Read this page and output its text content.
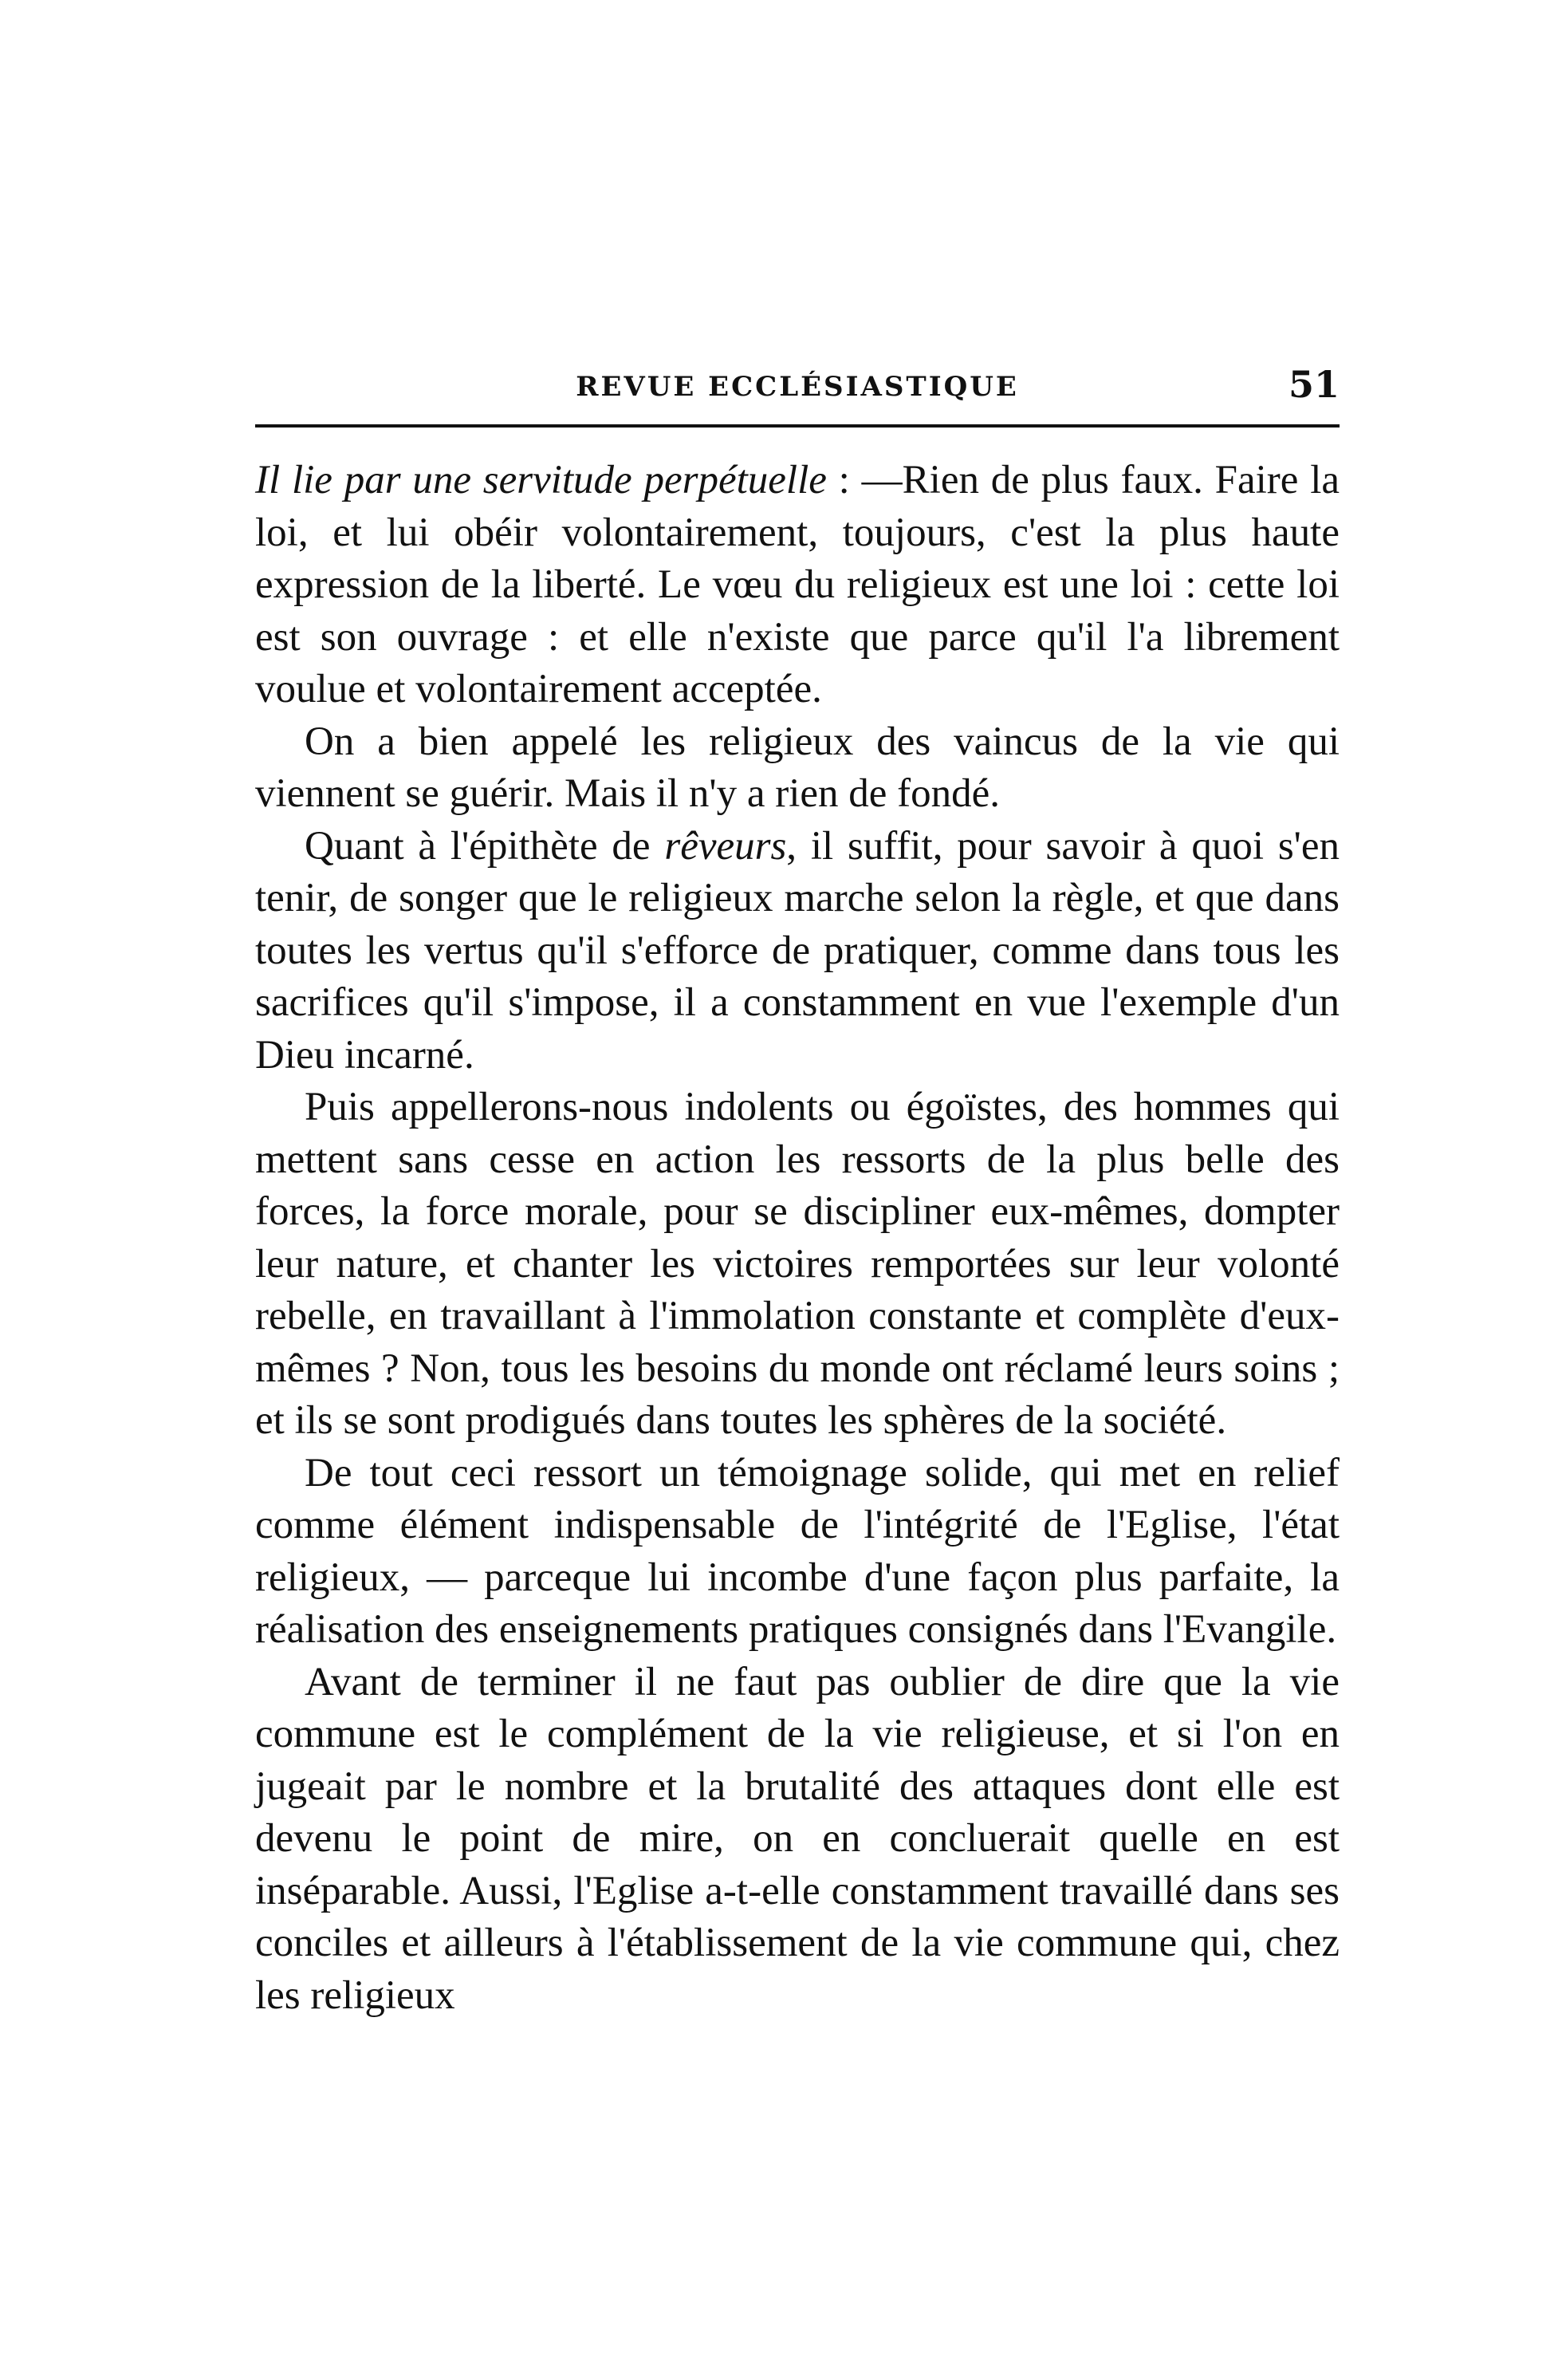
REVUE ECCLÉSIASTIQUE	51

Il lie par une servitude perpétuelle : —Rien de plus faux. Faire la loi, et lui obéir volontairement, toujours, c'est la plus haute expression de la liberté. Le vœu du religieux est une loi : cette loi est son ouvrage : et elle n'existe que parce qu'il l'a librement voulue et volontairement acceptée.

On a bien appelé les religieux des vaincus de la vie qui viennent se guérir. Mais il n'y a rien de fondé.

Quant à l'épithète de rêveurs, il suffit, pour savoir à quoi s'en tenir, de songer que le religieux marche selon la règle, et que dans toutes les vertus qu'il s'efforce de pratiquer, comme dans tous les sacrifices qu'il s'impose, il a constamment en vue l'exemple d'un Dieu incarné.

Puis appellerons-nous indolents ou égoïstes, des hommes qui mettent sans cesse en action les ressorts de la plus belle des forces, la force morale, pour se discipliner eux-mêmes, dompter leur nature, et chanter les victoires remportées sur leur volonté rebelle, en travaillant à l'immolation constante et complète d'eux-mêmes ? Non, tous les besoins du monde ont réclamé leurs soins ; et ils se sont prodigués dans toutes les sphères de la société.

De tout ceci ressort un témoignage solide, qui met en relief comme élément indispensable de l'intégrité de l'Eglise, l'état religieux, — parceque lui incombe d'une façon plus parfaite, la réalisation des enseignements pratiques consignés dans l'Evangile.

Avant de terminer il ne faut pas oublier de dire que la vie commune est le complément de la vie religieuse, et si l'on en jugeait par le nombre et la brutalité des attaques dont elle est devenu le point de mire, on en concluerait quelle en est inséparable. Aussi, l'Eglise a-t-elle constamment travaillé dans ses conciles et ailleurs à l'établissement de la vie commune qui, chez les religieux
